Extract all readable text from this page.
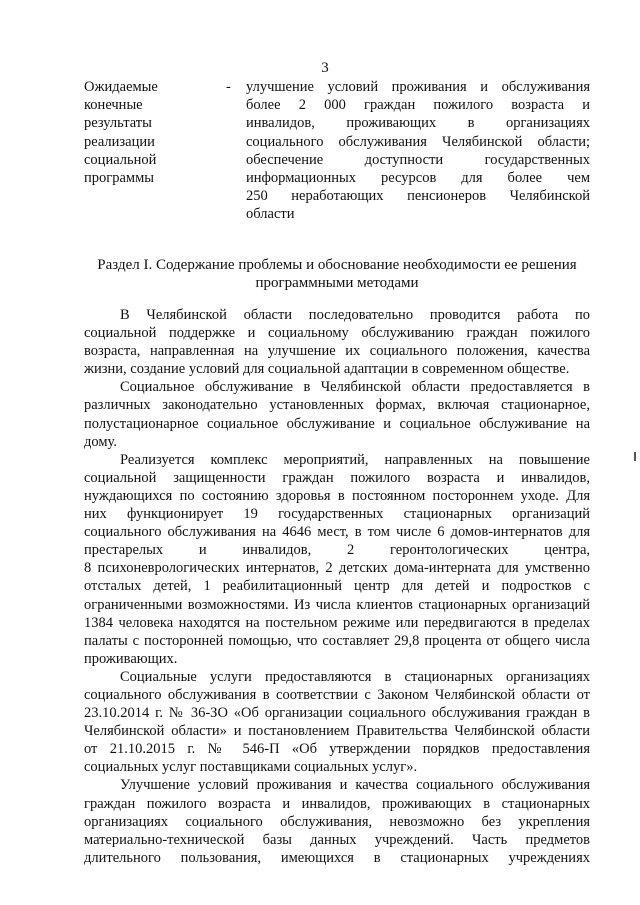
3
Ожидаемые
конечные
результаты
реализации
социальной
программы
- улучшение условий проживания и обслуживания
более 2 000 граждан пожилого возраста и
инвалидов, проживающих в организациях
социального обслуживания Челябинской области;
обеспечение доступности государственных
информационных ресурсов для более чем
250 неработающих пенсионеров Челябинской
области
Раздел I. Содержание проблемы и обоснование необходимости ее решения
программными методами
В Челябинской области последовательно проводится работа по
социальной поддержке и социальному обслуживанию граждан пожилого
возраста, направленная на улучшение их социального положения, качества
жизни, создание условий для социальной адаптации в современном обществе.
Социальное обслуживание в Челябинской области предоставляется в
различных законодательно установленных формах, включая стационарное,
полустационарное социальное обслуживание и социальное обслуживание на
дому.
Реализуется комплекс мероприятий, направленных на повышение
социальной защищенности граждан пожилого возраста и инвалидов,
нуждающихся по состоянию здоровья в постоянном постороннем уходе. Для
них функционирует 19 государственных стационарных организаций
социального обслуживания на 4646 мест, в том числе 6 домов-интернатов для
престарелых и инвалидов, 2 геронтологических центра,
8 психоневрологических интернатов, 2 детских дома-интерната для умственно
отсталых детей, 1 реабилитационный центр для детей и подростков с
ограниченными возможностями. Из числа клиентов стационарных организаций
1384 человека находятся на постельном режиме или передвигаются в пределах
палаты с посторонней помощью, что составляет 29,8 процента от общего числа
проживающих.
Социальные услуги предоставляются в стационарных организациях
социального обслуживания в соответствии с Законом Челябинской области от
23.10.2014 г. № 36-ЗО «Об организации социального обслуживания граждан в
Челябинской области» и постановлением Правительства Челябинской области
от 21.10.2015 г. № 546-П «Об утверждении порядков предоставления
социальных услуг поставщиками социальных услуг».
Улучшение условий проживания и качества социального обслуживания
граждан пожилого возраста и инвалидов, проживающих в стационарных
организациях социального обслуживания, невозможно без укрепления
материально-технической базы данных учреждений. Часть предметов
длительного пользования, имеющихся в стационарных учреждениях
